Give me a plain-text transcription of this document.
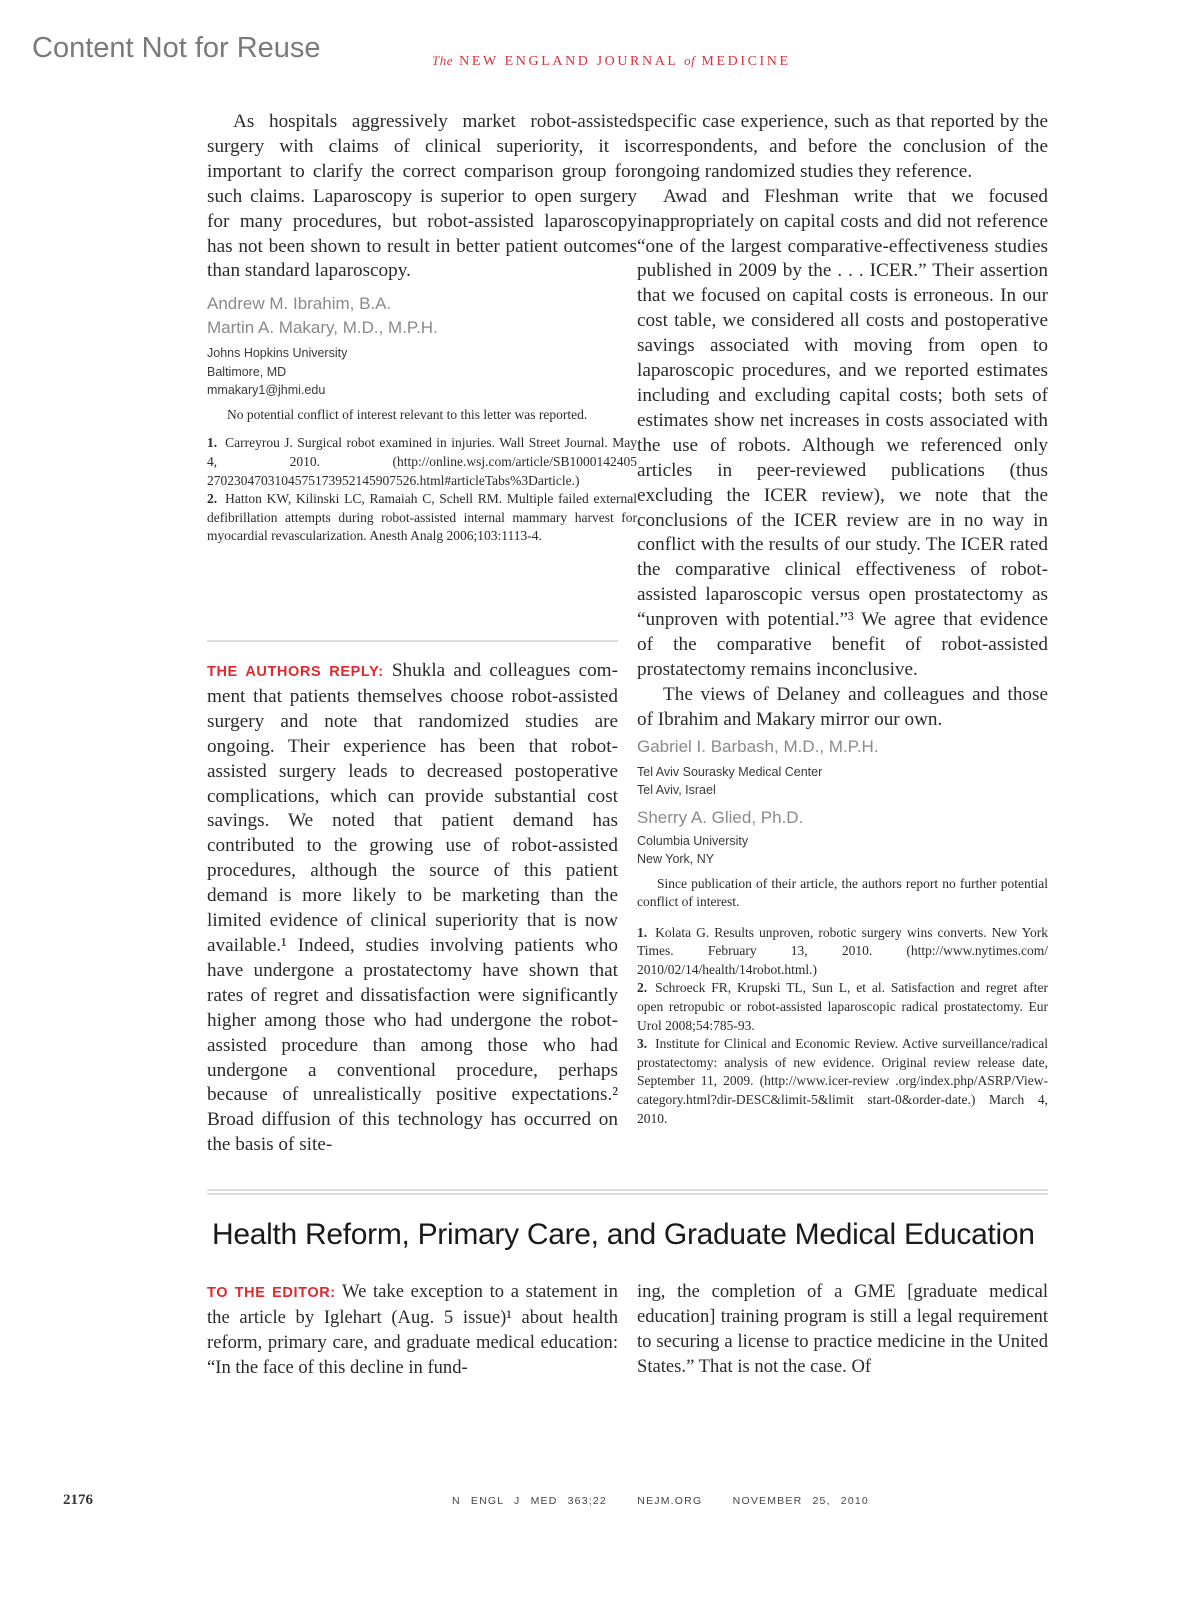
Content Not for Reuse	The NEW ENGLAND JOURNAL of MEDICINE

As hospitals aggressively market robot-assisted surgery with claims of clinical superiority, it is important to clarify the correct comparison group for such claims. Laparoscopy is superior to open surgery for many procedures, but robot-assisted laparoscopy has not been shown to result in better patient outcomes than standard laparoscopy.

Andrew M. Ibrahim, B.A.

Martin A. Makary, M.D., M.P.H.

Johns Hopkins University

Baltimore, MD

mmakary1@jhmi.edu

No potential conflict of interest relevant to this letter was reported.

1. Carreyrou J. Surgical robot examined in injuries. Wall Street Journal. May 4, 2010. (http://online.wsj.com/article/SB1000142405 2702304703104575173952145907526.html#articleTabs%3Darticle.)

2. Hatton KW, Kilinski LC, Ramaiah C, Schell RM. Multiple failed external defibrillation attempts during robot-assisted internal mammary harvest for myocardial revascularization. Anesth Analg 2006;103:1113-4.

THE AUTHORS REPLY: Shukla and colleagues comment that patients themselves choose robot-assisted surgery and note that randomized studies are ongoing. Their experience has been that robot-assisted surgery leads to decreased postoperative complications, which can provide substantial cost savings. We noted that patient demand has contributed to the growing use of robot-assisted procedures, although the source of this patient demand is more likely to be marketing than the limited evidence of clinical superiority that is now available.¹ Indeed, studies involving patients who have undergone a prostatectomy have shown that rates of regret and dissatisfaction were significantly higher among those who had undergone the robot-assisted procedure than among those who had undergone a conventional procedure, perhaps because of unrealistically positive expectations.² Broad diffusion of this technology has occurred on the basis of site-

specific case experience, such as that reported by the correspondents, and before the conclusion of the ongoing randomized studies they reference.

Awad and Fleshman write that we focused inappropriately on capital costs and did not reference “one of the largest comparative-effectiveness studies published in 2009 by the . . . ICER.” Their assertion that we focused on capital costs is erroneous. In our cost table, we considered all costs and postoperative savings associated with moving from open to laparoscopic procedures, and we reported estimates including and excluding capital costs; both sets of estimates show net increases in costs associated with the use of robots. Although we referenced only articles in peer-reviewed publications (thus excluding the ICER review), we note that the conclusions of the ICER review are in no way in conflict with the results of our study. The ICER rated the comparative clinical effectiveness of robot-assisted laparoscopic versus open prostatectomy as “unproven with potential.”³ We agree that evidence of the comparative benefit of robot-assisted prostatectomy remains inconclusive.

The views of Delaney and colleagues and those of Ibrahim and Makary mirror our own.

Gabriel I. Barbash, M.D., M.P.H.

Tel Aviv Sourasky Medical Center

Tel Aviv, Israel

Sherry A. Glied, Ph.D.

Columbia University

New York, NY

Since publication of their article, the authors report no further potential conflict of interest.

1. Kolata G. Results unproven, robotic surgery wins converts. New York Times. February 13, 2010. (http://www.nytimes.com/ 2010/02/14/health/14robot.html.)

2. Schroeck FR, Krupski TL, Sun L, et al. Satisfaction and regret after open retropubic or robot-assisted laparoscopic radical prostatectomy. Eur Urol 2008;54:785-93.

3. Institute for Clinical and Economic Review. Active surveillance/radical prostatectomy: analysis of new evidence. Original review release date, September 11, 2009. (http://www.icer-review .org/index.php/ASRP/View-category.html?dir-DESC&limit-5&limit start-0&order-date.) March 4, 2010.

Health Reform, Primary Care, and Graduate Medical Education

TO THE EDITOR: We take exception to a statement in the article by Iglehart (Aug. 5 issue)¹ about health reform, primary care, and graduate medical education: “In the face of this decline in fund-

ing, the completion of a GME [graduate medical education] training program is still a legal requirement to securing a license to practice medicine in the United States.” That is not the case. Of

2176	N ENGL J MED 363;22   NEJM.ORG   NOVEMBER 25, 2010
